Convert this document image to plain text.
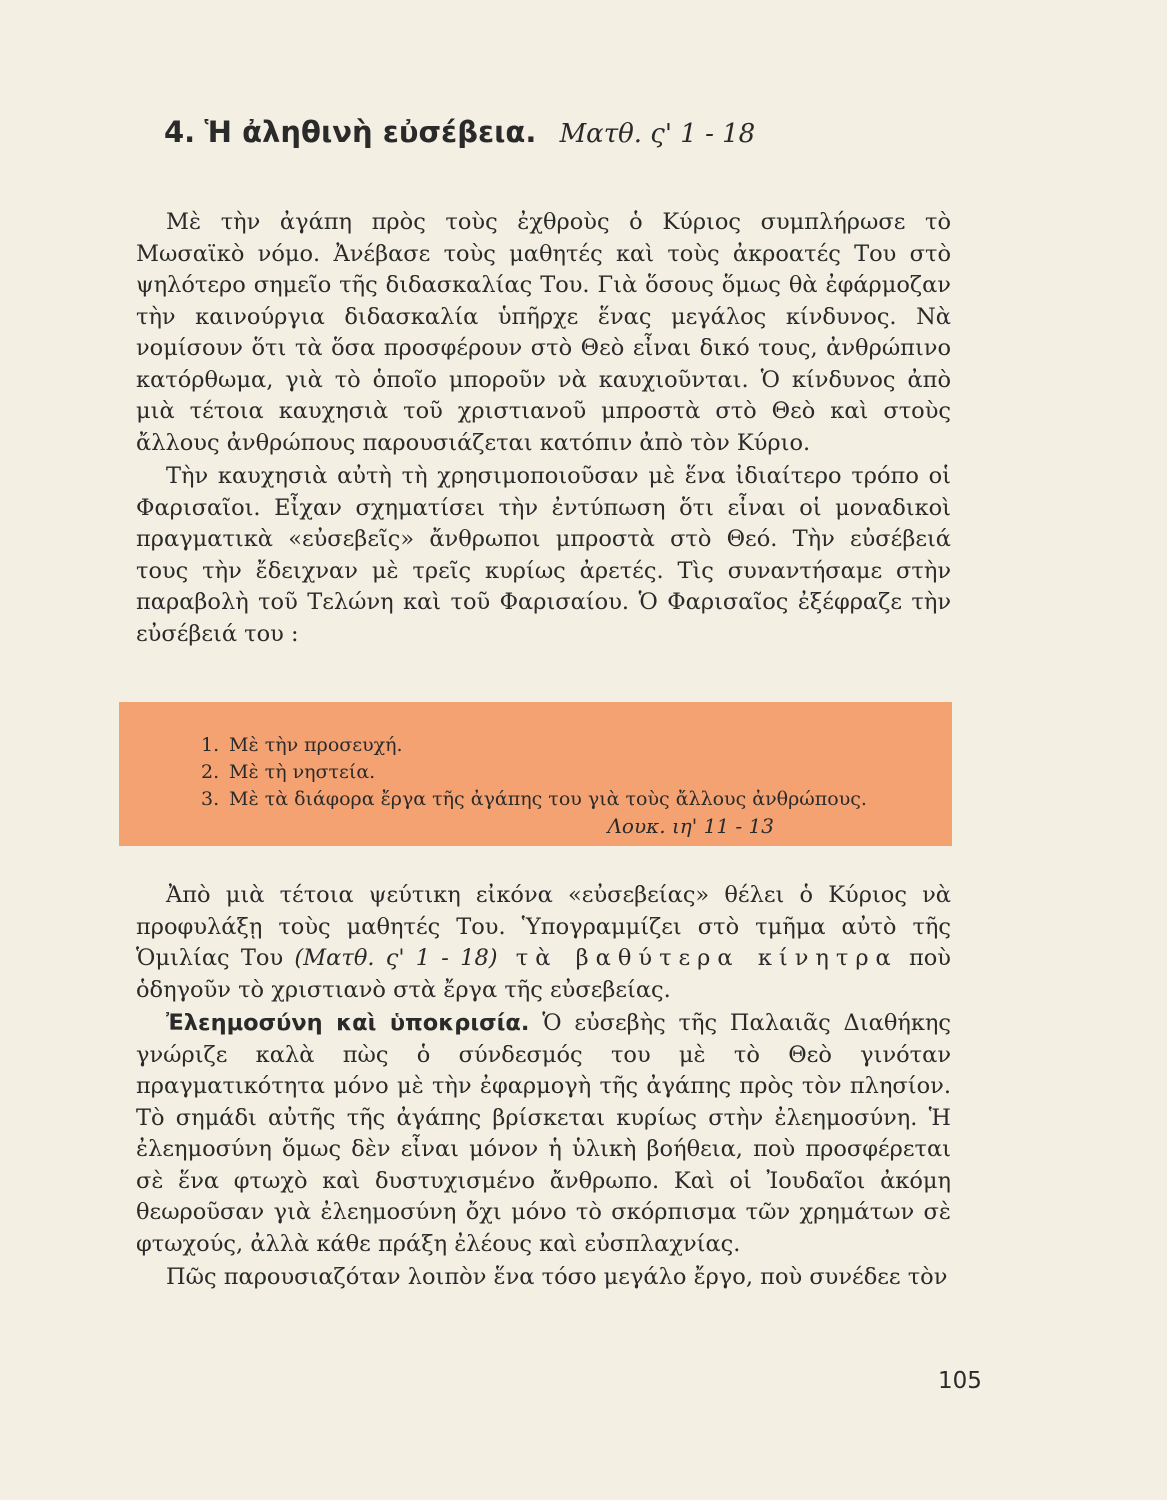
4. Ἡ ἀληθινὴ εὐσέβεια. Ματθ. ς' 1 - 18

Μὲ τὴν ἀγάπη πρὸς τοὺς ἐχθροὺς ὁ Κύριος συμπλήρωσε τὸ Μωσαϊκὸ νόμο. Ἀνέβασε τοὺς μαθητές καὶ τοὺς ἀκροατές Του στὸ ψηλότερο σημεῖο τῆς διδασκαλίας Του. Γιὰ ὅσους ὅμως θὰ ἐφάρμοζαν τὴν καινούργια διδασκαλία ὑπῆρχε ἕνας μεγάλος κίνδυνος. Νὰ νομίσουν ὅτι τὰ ὅσα προσφέρουν στὸ Θεὸ εἶναι δικό τους, ἀνθρώπινο κατόρθωμα, γιὰ τὸ ὁποῖο μποροῦν νὰ καυχιοῦνται. Ὁ κίνδυνος ἀπὸ μιὰ τέτοια καυχησιὰ τοῦ χριστιανοῦ μπροστὰ στὸ Θεὸ καὶ στοὺς ἄλλους ἀνθρώπους παρουσιάζεται κατόπιν ἀπὸ τὸν Κύριο.

Τὴν καυχησιὰ αὐτὴ τὴ χρησιμοποιοῦσαν μὲ ἕνα ἰδιαίτερο τρόπο οἱ Φαρισαῖοι. Εἶχαν σχηματίσει τὴν ἐντύπωση ὅτι εἶναι οἱ μοναδικοὶ πραγματικὰ «εὐσεβεῖς» ἄνθρωποι μπροστὰ στὸ Θεό. Τὴν εὐσέβειά τους τὴν ἔδειχναν μὲ τρεῖς κυρίως ἀρετές. Τὶς συναντήσαμε στὴν παραβολὴ τοῦ Τελώνη καὶ τοῦ Φαρισαίου. Ὁ Φαρισαῖος ἐξέφραζε τὴν εὐσέβειά του :

1. Μὲ τὴν προσευχή.
2. Μὲ τὴ νηστεία.
3. Μὲ τὰ διάφορα ἔργα τῆς ἀγάπης του γιὰ τοὺς ἄλλους ἀνθρώπους.
Λουκ. ιη' 11 - 13

Ἀπὸ μιὰ τέτοια ψεύτικη εἰκόνα «εὐσεβείας» θέλει ὁ Κύριος νὰ προφυλάξῃ τοὺς μαθητές Του. Ὑπογραμμίζει στὸ τμῆμα αὐτὸ τῆς Ὁμιλίας Του (Ματθ. ς' 1 - 18) τὰ βαθύτερα κίνητρα ποὺ ὁδηγοῦν τὸ χριστιανὸ στὰ ἔργα τῆς εὐσεβείας.

Ἐλεημοσύνη καὶ ὑποκρισία. Ὁ εὐσεβὴς τῆς Παλαιᾶς Διαθήκης γνώριζε καλὰ πὼς ὁ σύνδεσμός του μὲ τὸ Θεὸ γινόταν πραγματικότητα μόνο μὲ τὴν ἐφαρμογὴ τῆς ἀγάπης πρὸς τὸν πλησίον. Τὸ σημάδι αὐτῆς τῆς ἀγάπης βρίσκεται κυρίως στὴν ἐλεημοσύνη. Ἡ ἐλεημοσύνη ὅμως δὲν εἶναι μόνον ἡ ὑλικὴ βοήθεια, ποὺ προσφέρεται σὲ ἕνα φτωχὸ καὶ δυστυχισμένο ἄνθρωπο. Καὶ οἱ Ἰουδαῖοι ἀκόμη θεωροῦσαν γιὰ ἐλεημοσύνη ὄχι μόνο τὸ σκόρπισμα τῶν χρημάτων σὲ φτωχούς, ἀλλὰ κάθε πράξη ἐλέους καὶ εὐσπλαχνίας.

Πῶς παρουσιαζόταν λοιπὸν ἕνα τόσο μεγάλο ἔργο, ποὺ συνέδεε τὸν

105
